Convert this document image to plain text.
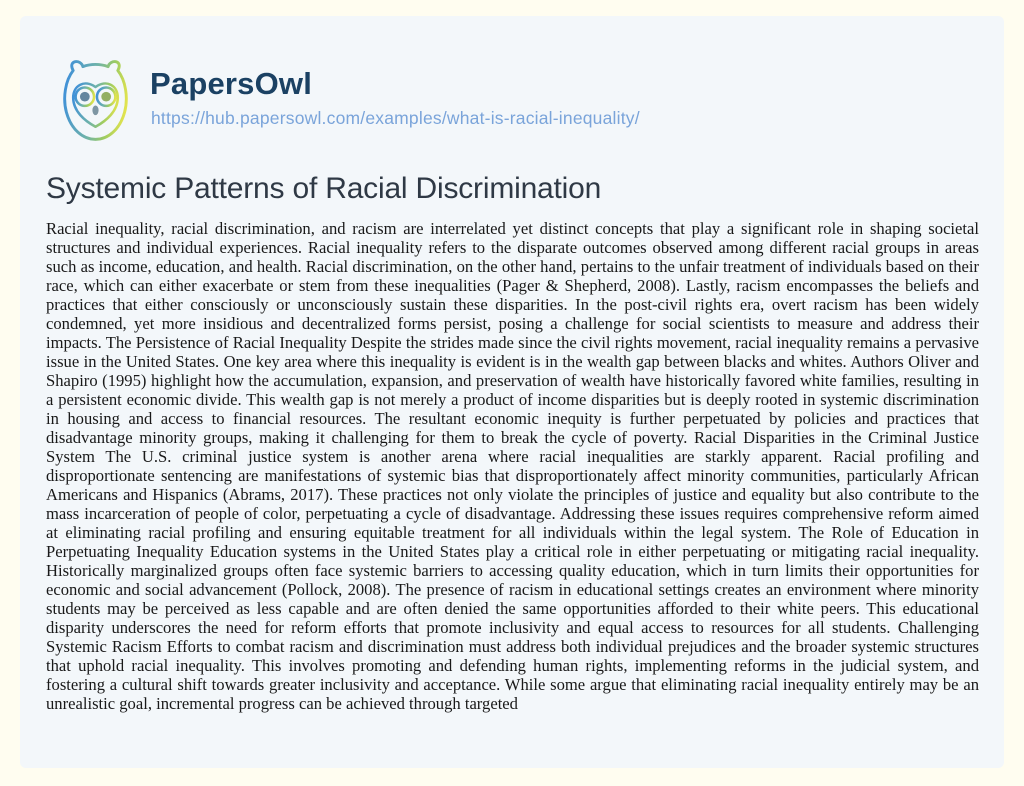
PapersOwl
https://hub.papersowl.com/examples/what-is-racial-inequality/
Systemic Patterns of Racial Discrimination

Racial inequality, racial discrimination, and racism are interrelated yet distinct concepts that play a significant role in shaping societal structures and individual experiences. Racial inequality refers to the disparate outcomes observed among different racial groups in areas such as income, education, and health. Racial discrimination, on the other hand, pertains to the unfair treatment of individuals based on their race, which can either exacerbate or stem from these inequalities (Pager & Shepherd, 2008). Lastly, racism encompasses the beliefs and practices that either consciously or unconsciously sustain these disparities. In the post-civil rights era, overt racism has been widely condemned, yet more insidious and decentralized forms persist, posing a challenge for social scientists to measure and address their impacts. The Persistence of Racial Inequality Despite the strides made since the civil rights movement, racial inequality remains a pervasive issue in the United States. One key area where this inequality is evident is in the wealth gap between blacks and whites. Authors Oliver and Shapiro (1995) highlight how the accumulation, expansion, and preservation of wealth have historically favored white families, resulting in a persistent economic divide. This wealth gap is not merely a product of income disparities but is deeply rooted in systemic discrimination in housing and access to financial resources. The resultant economic inequity is further perpetuated by policies and practices that disadvantage minority groups, making it challenging for them to break the cycle of poverty. Racial Disparities in the Criminal Justice System The U.S. criminal justice system is another arena where racial inequalities are starkly apparent. Racial profiling and disproportionate sentencing are manifestations of systemic bias that disproportionately affect minority communities, particularly African Americans and Hispanics (Abrams, 2017). These practices not only violate the principles of justice and equality but also contribute to the mass incarceration of people of color, perpetuating a cycle of disadvantage. Addressing these issues requires comprehensive reform aimed at eliminating racial profiling and ensuring equitable treatment for all individuals within the legal system. The Role of Education in Perpetuating Inequality Education systems in the United States play a critical role in either perpetuating or mitigating racial inequality. Historically marginalized groups often face systemic barriers to accessing quality education, which in turn limits their opportunities for economic and social advancement (Pollock, 2008). The presence of racism in educational settings creates an environment where minority students may be perceived as less capable and are often denied the same opportunities afforded to their white peers. This educational disparity underscores the need for reform efforts that promote inclusivity and equal access to resources for all students. Challenging Systemic Racism Efforts to combat racism and discrimination must address both individual prejudices and the broader systemic structures that uphold racial inequality. This involves promoting and defending human rights, implementing reforms in the judicial system, and fostering a cultural shift towards greater inclusivity and acceptance. While some argue that eliminating racial inequality entirely may be an unrealistic goal, incremental progress can be achieved through targeted
